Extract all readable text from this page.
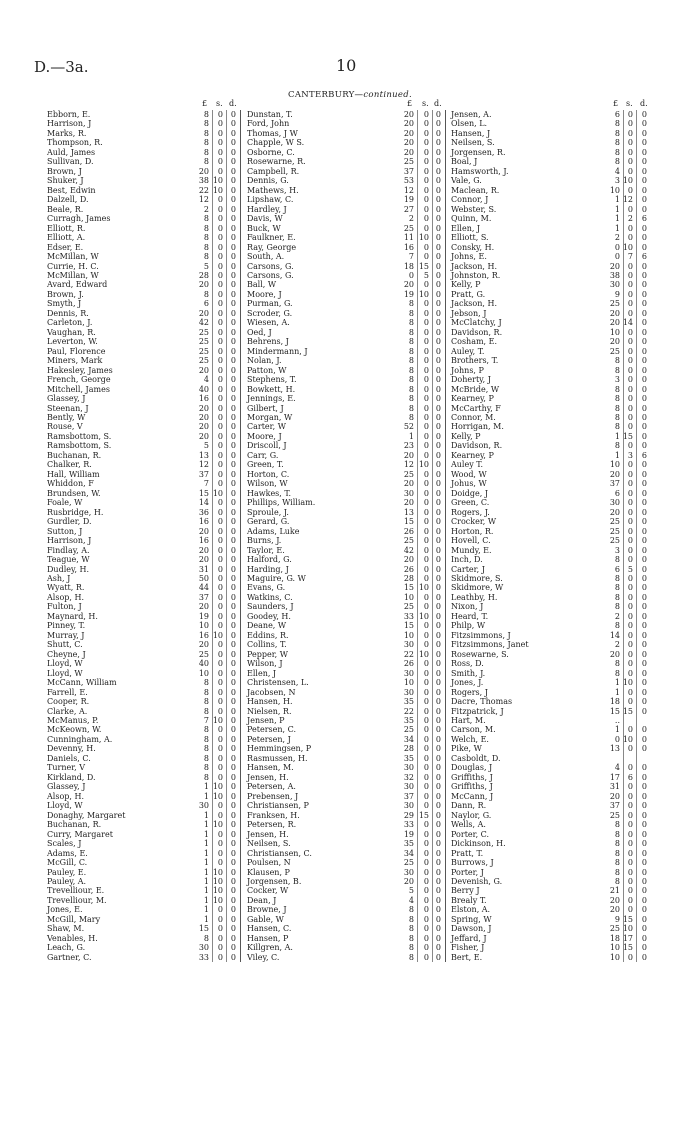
D.—3a.	10
CANTERBURY—continued.
£ s. d.
Ebborn, E.	8 0 0
Harrison, J	8 0 0
Marks, R.	8 0 0
Thompson, R.	8 0 0
Auld, James	8 0 0
Sullivan, D.	8 0 0
Brown, J	20 0 0
Shuker, J	38 10 0
Best, Edwin	22 10 0
Dalzell, D.	12 0 0
Beale, R.	2 0 0
Curragh, James	8 0 0
Elliott, R.	8 0 0
Elliott, A.	8 0 0
Edser, E.	8 0 0
McMillan, W	8 0 0
Currie, H. C.	5 0 0
McMillan, W	28 0 0
Avard, Edward	20 0 0
Brown, J.	8 0 0
Smyth, J	6 0 0
Dennis, R.	20 0 0
Carleton, J.	42 0 0
Vaughan, R.	25 0 0
Leverton, W.	25 0 0
Paul, Florence	25 0 0
Miners, Mark	25 0 0
Hakesley, James	20 0 0
French, George	4 0 0
Mitchell, James	40 0 0
Glassey, J	16 0 0
Steenan, J	20 0 0
Bently, W	20 0 0
Rouse, V	20 0 0
Ramsbottom, S.	20 0 0
Ramsbottom, S.	5 0 0
Buchanan, R.	13 0 0
Chalker, R.	12 0 0
Hall, William	37 0 0
Whiddon, F	7 0 0
Brundsen, W.	15 10 0
Foale, W	14 0 0
Rusbridge, H.	36 0 0
Gurdler, D.	16 0 0
Sutton, J	20 0 0
Harrison, J	16 0 0
Findlay, A.	20 0 0
Teague, W	20 0 0
Dudley, H.	31 0 0
Ash, J	50 0 0
Wyatt, R.	44 0 0
Alsop, H.	37 0 0
Fulton, J	20 0 0
Maynard, H.	19 0 0
Pinney, T.	10 0 0
Murray, J	16 10 0
Shutt, C.	20 0 0
Cheyne, J	25 0 0
Lloyd, W	40 0 0
Lloyd, W	10 0 0
McCann, William	8 0 0
Farrell, E.	8 0 0
Cooper, R.	8 0 0
Clarke, A.	8 0 0
McManus, P.	7 10 0
McKeown, W.	8 0 0
Cunningham, A.	8 0 0
Devenny, H.	8 0 0
Daniels, C.	8 0 0
Turner, V	8 0 0
Kirkland, D.	8 0 0
Glassey, J	1 10 0
Alsop, H.	1 10 0
Lloyd, W	30 0 0
Donaghy, Margaret	1 0 0
Buchanan, R.	1 10 0
Curry, Margaret	1 0 0
Scales, J	1 0 0
Adams, E.	1 0 0
McGill, C.	1 0 0
Pauley, E.	1 10 0
Pauley, A.	1 10 0
Trevelliour, E.	1 10 0
Trevelliour, M.	1 10 0
Jones, E.	1 0 0
McGill, Mary	1 0 0
Shaw, M.	15 0 0
Venables, H.	8 0 0
Leach, G.	30 0 0
Gartner, C.	33 0 0
£ s. d.
Dunstan, T.	20 0 0
Ford, John	20 0 0
Thomas, J W	20 0 0
Chapple, W S.	20 0 0
Osborne, C.	20 0 0
Rosewarne, R.	25 0 0
Campbell, R.	37 0 0
Dennis, G.	53 0 0
Mathews, H.	12 0 0
Lipshaw, C.	19 0 0
Hardley, J	27 0 0
Davis, W	2 0 0
Buck, W	25 0 0
Faulkner, E.	11 10 0
Ray, George	16 0 0
South, A.	7 0 0
Carsons, G.	18 15 0
Carsons, G.	0 5 0
Ball, W	20 0 0
Moore, J	19 10 0
Purman, G.	8 0 0
Scroder, G.	8 0 0
Wiesen, A.	8 0 0
Oed, J	8 0 0
Behrens, J	8 0 0
Mindermann, J	8 0 0
Nolan, J.	8 0 0
Patton, W	8 0 0
Stephens, T.	8 0 0
Bowkett, H.	8 0 0
Jennings, E.	8 0 0
Gilbert, J	8 0 0
Morgan, W	8 0 0
Carter, W	52 0 0
Moore, J	1 0 0
Driscoll, J	23 0 0
Carr, G.	20 0 0
Green, T.	12 10 0
Horton, C.	25 0 0
Wilson, W	20 0 0
Hawkes, T.	30 0 0
Phillips, William.	20 0 0
Sproule, J.	13 0 0
Gerard, G.	15 0 0
Adams, Luke	26 0 0
Burns, J.	25 0 0
Taylor, E.	42 0 0
Halford, G.	20 0 0
Harding, J	26 0 0
Maguire, G. W	28 0 0
Evans, G.	15 10 0
Watkins, C.	10 0 0
Saunders, J	25 0 0
Goodey, H.	33 10 0
Deane, W	15 0 0
Eddins, R.	10 0 0
Collins, T.	30 0 0
Pepper, W	22 10 0
Wilson, J	26 0 0
Ellen, J	30 0 0
Christensen, L.	10 0 0
Jacobsen, N	30 0 0
Hansen, H.	35 0 0
Nielsen, R.	22 0 0
Jensen, P	35 0 0
Petersen, C.	25 0 0
Petersen, J	34 0 0
Hemmingsen, P	28 0 0
Rasmussen, H.	35 0 0
Hansen, M.	30 0 0
Jensen, H.	32 0 0
Petersen, A.	30 0 0
Prebensen, J	37 0 0
Christiansen, P	30 0 0
Franksen, H.	29 15 0
Petersen, R.	33 0 0
Jensen, H.	19 0 0
Neilsen, S.	35 0 0
Christiansen, C.	34 0 0
Poulsen, N	25 0 0
Klausen, P	30 0 0
Jorgensen, B.	20 0 0
Cocker, W	5 0 0
Dean, J	4 0 0
Browne, J	8 0 0
Gable, W	8 0 0
Hansen, C.	8 0 0
Hansen, P	8 0 0
Killgren, A.	8 0 0
Viley, C.	8 0 0
£ s. d.
Jensen, A.	6 0 0
Olsen, L.	8 0 0
Hansen, J	8 0 0
Neilsen, S.	8 0 0
Jorgensen, R.	8 0 0
Boal, J	8 0 0
Hamsworth, J.	4 0 0
Vale, G.	3 10 0
Maclean, R.	10 0 0
Connor, J	1 12 0
Webster, S.	1 0 0
Quinn, M.	1 2 6
Ellen, J	1 0 0
Elliott, S.	2 0 0
Consky, H.	0 10 0
Johns, E.	0 7 6
Jackson, H.	20 0 0
Johnston, R.	38 0 0
Kelly, P	30 0 0
Pratt, G.	9 0 0
Jackson, H.	25 0 0
Jebson, J	20 0 0
McClatchy, J	20 14 0
Davidson, R.	10 0 0
Cosham, E.	20 0 0
Auley, T.	25 0 0
Brothers, T.	8 0 0
Johns, P	8 0 0
Doherty, J	3 0 0
McBride, W	8 0 0
Kearney, P	8 0 0
McCarthy, F	8 0 0
Connor, M.	8 0 0
Horrigan, M.	8 0 0
Kelly, P	1 15 0
Davidson, R.	8 0 0
Kearney, P	1 3 6
Auley T.	10 0 0
Wood, W	20 0 0
Johus, W	37 0 0
Doidge, J	6 0 0
Green, C.	30 0 0
Rogers, J.	20 0 0
Crocker, W	25 0 0
Horton, R.	25 0 0
Hovell, C.	25 0 0
Mundy, E.	3 0 0
Inch, D.	8 0 0
Carter, J	6 5 0
Skidmore, S.	8 0 0
Skidmore, W	8 0 0
Leathby, H.	8 0 0
Nixon, J	8 0 0
Heard, T.	2 0 0
Philp, W	8 0 0
Fitzsimmons, J	14 0 0
Fitzsimmons, Janet	2 0 0
Rosewarne, S.	20 0 0
Ross, D.	8 0 0
Smith, J.	8 0 0
Jones, J.	1 10 0
Rogers, J	1 0 0
Dacre, Thomas	18 0 0
Fitzpatrick, J	15 15 0
Hart, M.	..
Carson, M.	1 0 0
Welch, E.	0 10 0
Pike, W	13 0 0
Casboldt, D.
Douglas, J	4 0 0
Griffiths, J	17 6 0
Griffiths, J	31 0 0
McCann, J	20 0 0
Dann, R.	37 0 0
Naylor, G.	25 0 0
Wells, A.	8 0 0
Porter, C.	8 0 0
Dickinson, H.	8 0 0
Pratt, T.	8 0 0
Burrows, J	8 0 0
Porter, J	8 0 0
Devenish, G.	8 0 0
Berry J	21 0 0
Brealy T.	20 0 0
Elston, A.	20 0 0
Spring, W	9 15 0
Dawson, J	25 10 0
Jeffard, J	18 17 0
Fisher, J	10 15 0
Bert, E.	10 0 0
